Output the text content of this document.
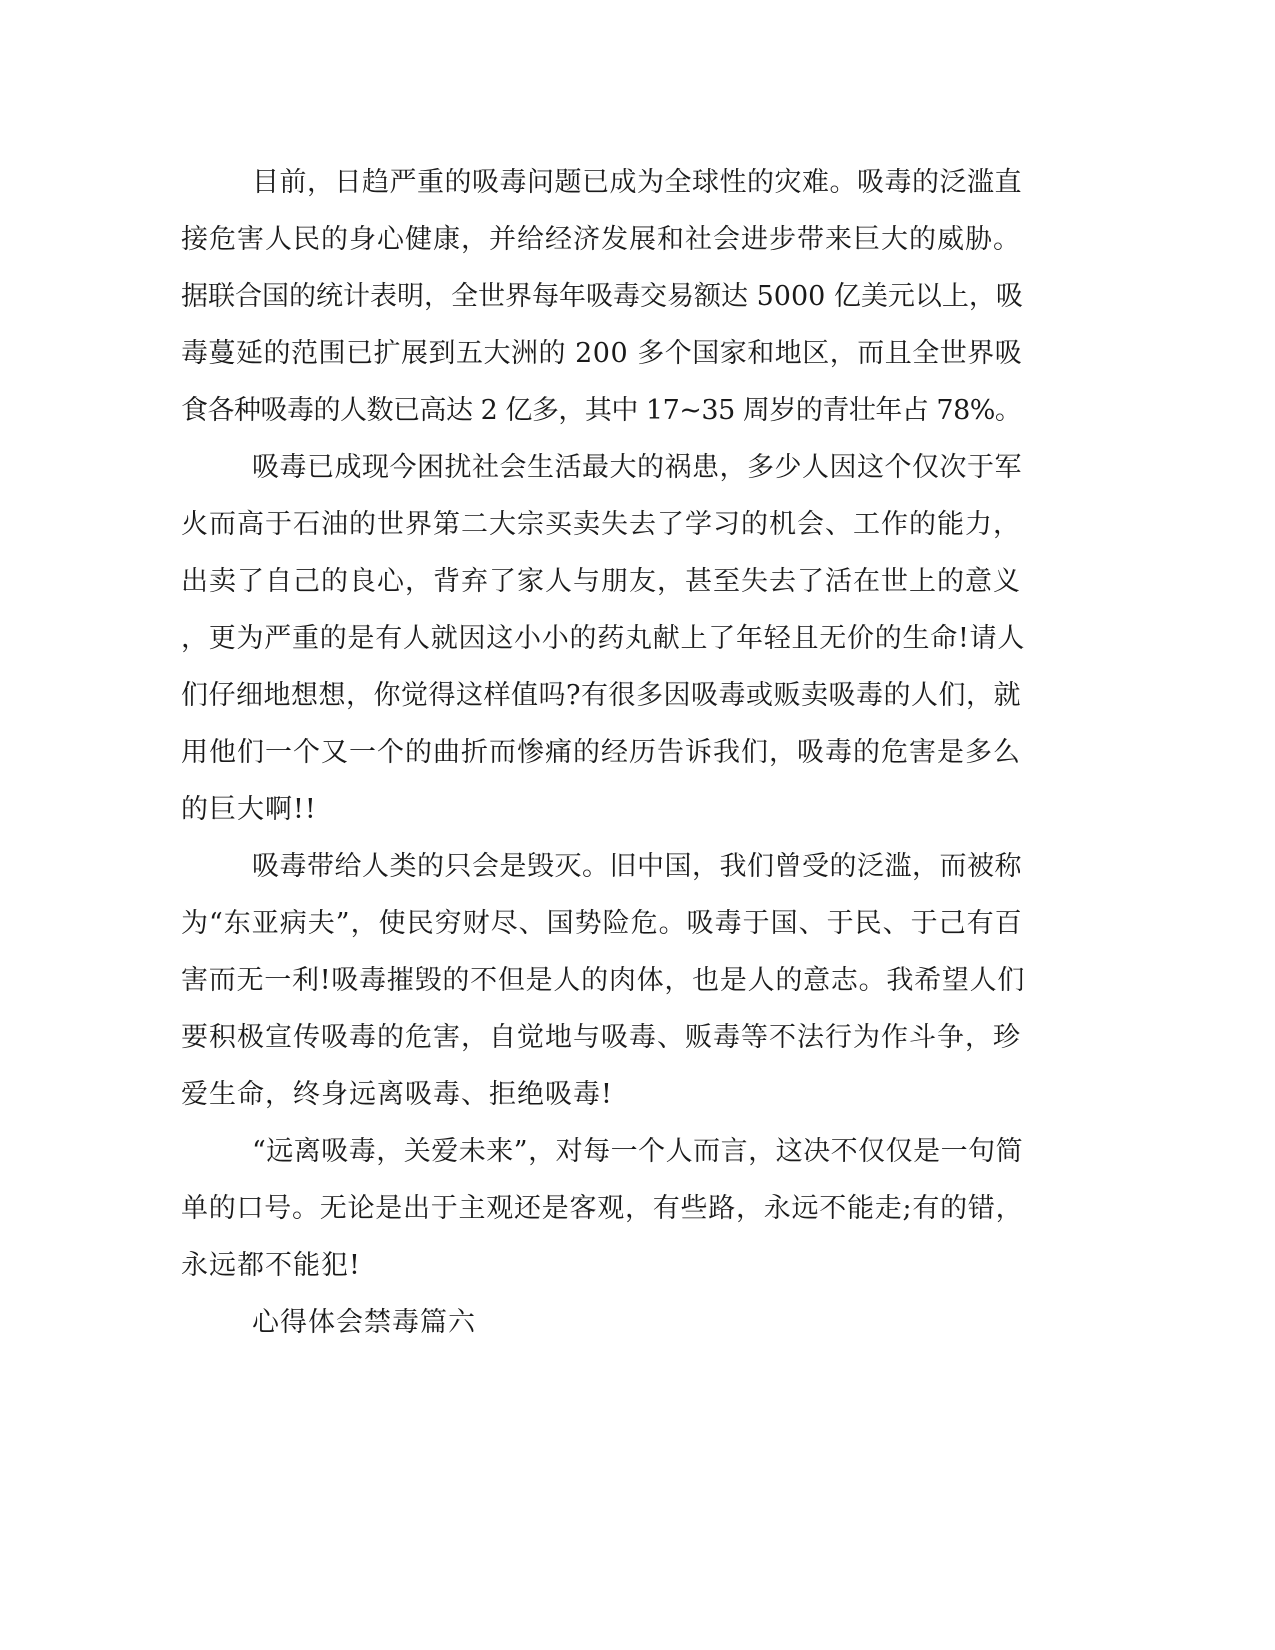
目前，日趋严重的吸毒问题已成为全球性的灾难。吸毒的泛滥直
接危害人民的身心健康，并给经济发展和社会进步带来巨大的威胁。
据联合国的统计表明，全世界每年吸毒交易额达 5000 亿美元以上，吸
毒蔓延的范围已扩展到五大洲的 200 多个国家和地区，而且全世界吸
食各种吸毒的人数已高达 2 亿多，其中 17~35 周岁的青壮年占 78%。
吸毒已成现今困扰社会生活最大的祸患，多少人因这个仅次于军
火而高于石油的世界第二大宗买卖失去了学习的机会、工作的能力，
出卖了自己的良心，背弃了家人与朋友，甚至失去了活在世上的意义
，更为严重的是有人就因这小小的药丸献上了年轻且无价的生命!请人
们仔细地想想，你觉得这样值吗?有很多因吸毒或贩卖吸毒的人们，就
用他们一个又一个的曲折而惨痛的经历告诉我们，吸毒的危害是多么
的巨大啊!!
吸毒带给人类的只会是毁灭。旧中国，我们曾受的泛滥，而被称
为“东亚病夫”，使民穷财尽、国势险危。吸毒于国、于民、于己有百
害而无一利!吸毒摧毁的不但是人的肉体，也是人的意志。我希望人们
要积极宣传吸毒的危害，自觉地与吸毒、贩毒等不法行为作斗争，珍
爱生命，终身远离吸毒、拒绝吸毒!
“远离吸毒，关爱未来”，对每一个人而言，这决不仅仅是一句简
单的口号。无论是出于主观还是客观，有些路，永远不能走;有的错，
永远都不能犯!
心得体会禁毒篇六
